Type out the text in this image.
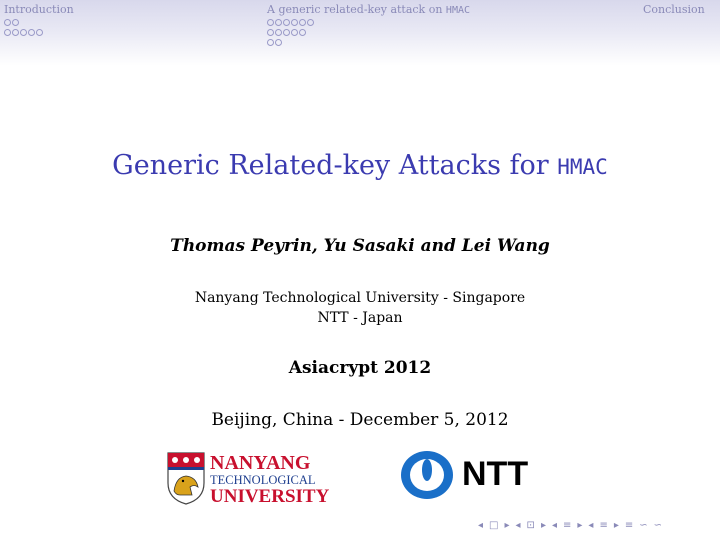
Introduction	A generic related-key attack on HMAC	Conclusion
Generic Related-key Attacks for HMAC
Thomas Peyrin, Yu Sasaki and Lei Wang
Nanyang Technological University - Singapore
NTT - Japan
Asiacrypt 2012
Beijing, China - December 5, 2012
NANYANG
TECHNOLOGICAL
UNIVERSITY
NTT
◂ □ ▸ ◂ ⊡ ▸ ◂ ≡ ▸ ◂ ≡ ▸ ≡ ∽ ∽
